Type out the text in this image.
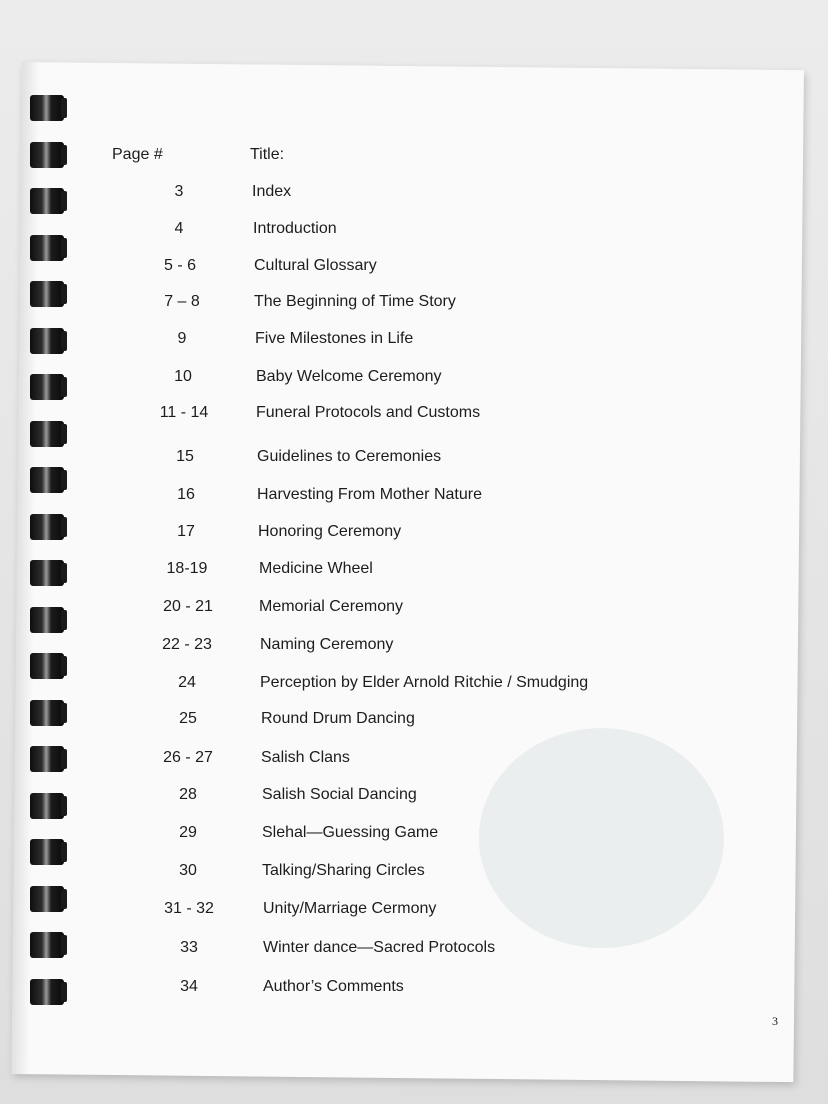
Page #	Title:
3	Index
4	Introduction
5 - 6	Cultural Glossary
7 – 8	The Beginning of Time Story
9	Five Milestones in Life
10	Baby Welcome Ceremony
11 - 14	Funeral Protocols and Customs
15	Guidelines to Ceremonies
16	Harvesting From Mother Nature
17	Honoring Ceremony
18-19	Medicine Wheel
20 - 21	Memorial Ceremony
22 - 23	Naming Ceremony
24	Perception by Elder Arnold Ritchie / Smudging
25	Round Drum Dancing
26 - 27	Salish Clans
28	Salish Social Dancing
29	Slehal—Guessing Game
30	Talking/Sharing Circles
31 - 32	Unity/Marriage Cermony
33	Winter dance—Sacred Protocols
34	Author’s Comments
3
